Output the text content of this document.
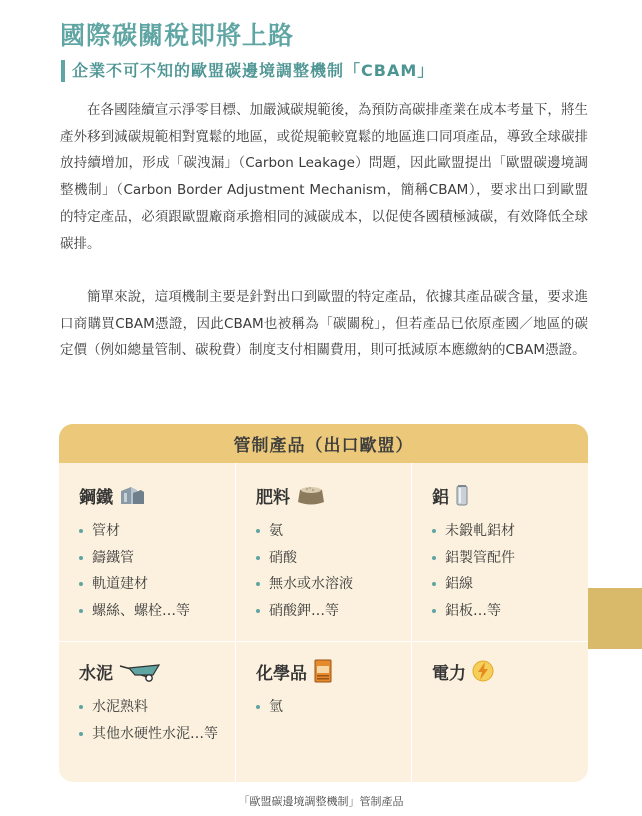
國際碳關稅即將上路
企業不可不知的歐盟碳邊境調整機制「CBAM」

在各國陸續宣示淨零目標、加嚴減碳規範後，為預防高碳排產業在成本考量下，將生產外移到減碳規範相對寬鬆的地區，或從規範較寬鬆的地區進口同項產品，導致全球碳排放持續增加，形成「碳洩漏」（Carbon Leakage）問題，因此歐盟提出「歐盟碳邊境調整機制」（Carbon Border Adjustment Mechanism，簡稱CBAM），要求出口到歐盟的特定產品，必須跟歐盟廠商承擔相同的減碳成本，以促使各國積極減碳，有效降低全球碳排。

簡單來說，這項機制主要是針對出口到歐盟的特定產品，依據其產品碳含量，要求進口商購買CBAM憑證，因此CBAM也被稱為「碳關稅」，但若產品已依原產國／地區的碳定價（例如總量管制、碳稅費）制度支付相關費用，則可抵減原本應繳納的CBAM憑證。

管制產品（出口歐盟）
鋼鐵
管材
鑄鐵管
軌道建材
螺絲、螺栓…等
肥料
氨
硝酸
無水或水溶液
硝酸鉀…等
鋁
未鍛軋鋁材
鋁製管配件
鋁線
鋁板…等
水泥
水泥熟料
其他水硬性水泥…等
化學品
氫
電力
「歐盟碳邊境調整機制」管制產品
